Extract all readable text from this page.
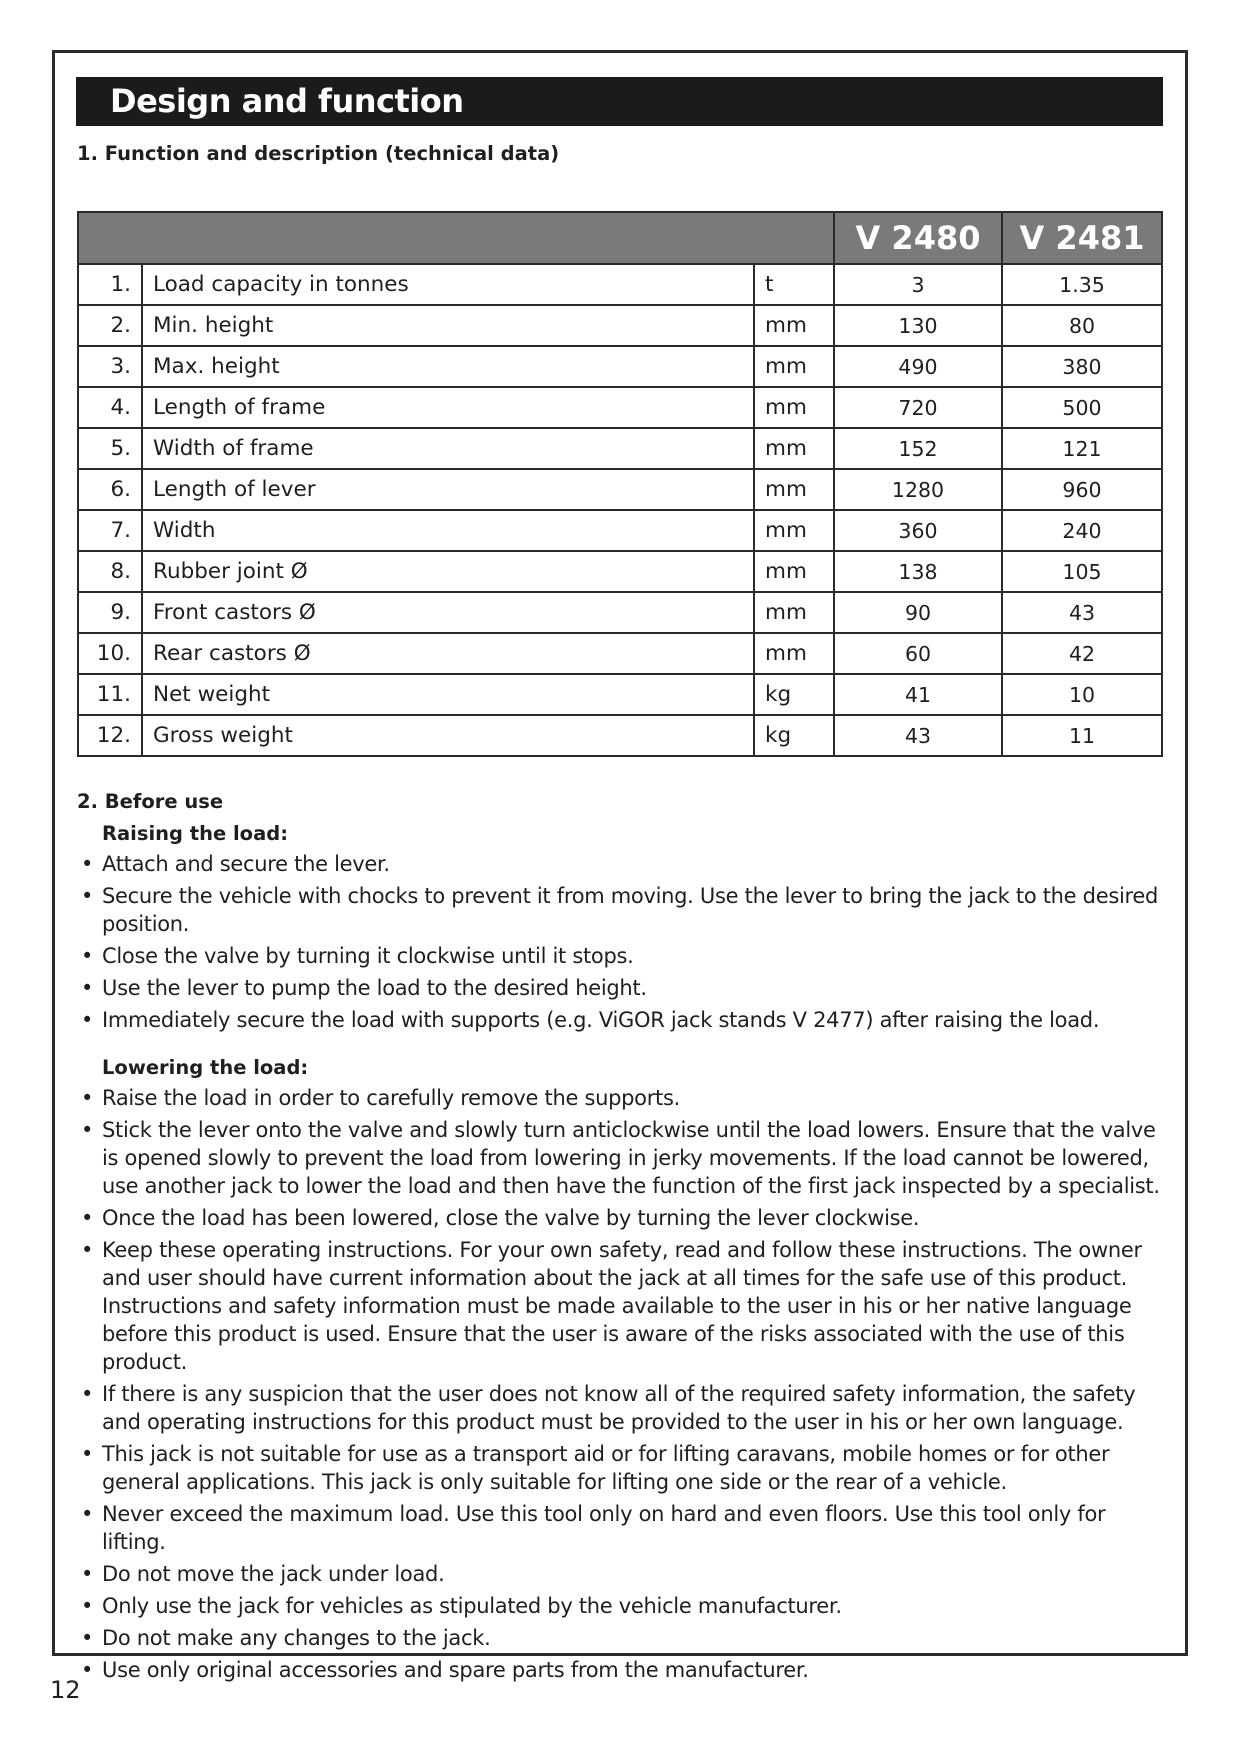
Design and function
1. Function and description (technical data)
			V 2480	V 2481
1.	Load capacity in tonnes	t	3	1.35
2.	Min. height	mm	130	80
3.	Max. height	mm	490	380
4.	Length of frame	mm	720	500
5.	Width of frame	mm	152	121
6.	Length of lever	mm	1280	960
7.	Width	mm	360	240
8.	Rubber joint Ø	mm	138	105
9.	Front castors Ø	mm	90	43
10.	Rear castors Ø	mm	60	42
11.	Net weight	kg	41	10
12.	Gross weight	kg	43	11
2. Before use
Raising the load:
• Attach and secure the lever.
• Secure the vehicle with chocks to prevent it from moving. Use the lever to bring the jack to the desired position.
• Close the valve by turning it clockwise until it stops.
• Use the lever to pump the load to the desired height.
• Immediately secure the load with supports (e.g. ViGOR jack stands V 2477) after raising the load.
Lowering the load:
• Raise the load in order to carefully remove the supports.
• Stick the lever onto the valve and slowly turn anticlockwise until the load lowers. Ensure that the valve is opened slowly to prevent the load from lowering in jerky movements. If the load cannot be lowered, use another jack to lower the load and then have the function of the first jack inspected by a specialist.
• Once the load has been lowered, close the valve by turning the lever clockwise.
• Keep these operating instructions. For your own safety, read and follow these instructions. The owner and user should have current information about the jack at all times for the safe use of this product. Instructions and safety information must be made available to the user in his or her native language before this product is used. Ensure that the user is aware of the risks associated with the use of this product.
• If there is any suspicion that the user does not know all of the required safety information, the safety and operating instructions for this product must be provided to the user in his or her own language.
• This jack is not suitable for use as a transport aid or for lifting caravans, mobile homes or for other general applications. This jack is only suitable for lifting one side or the rear of a vehicle.
• Never exceed the maximum load. Use this tool only on hard and even floors. Use this tool only for lifting.
• Do not move the jack under load.
• Only use the jack for vehicles as stipulated by the vehicle manufacturer.
• Do not make any changes to the jack.
• Use only original accessories and spare parts from the manufacturer.
12
